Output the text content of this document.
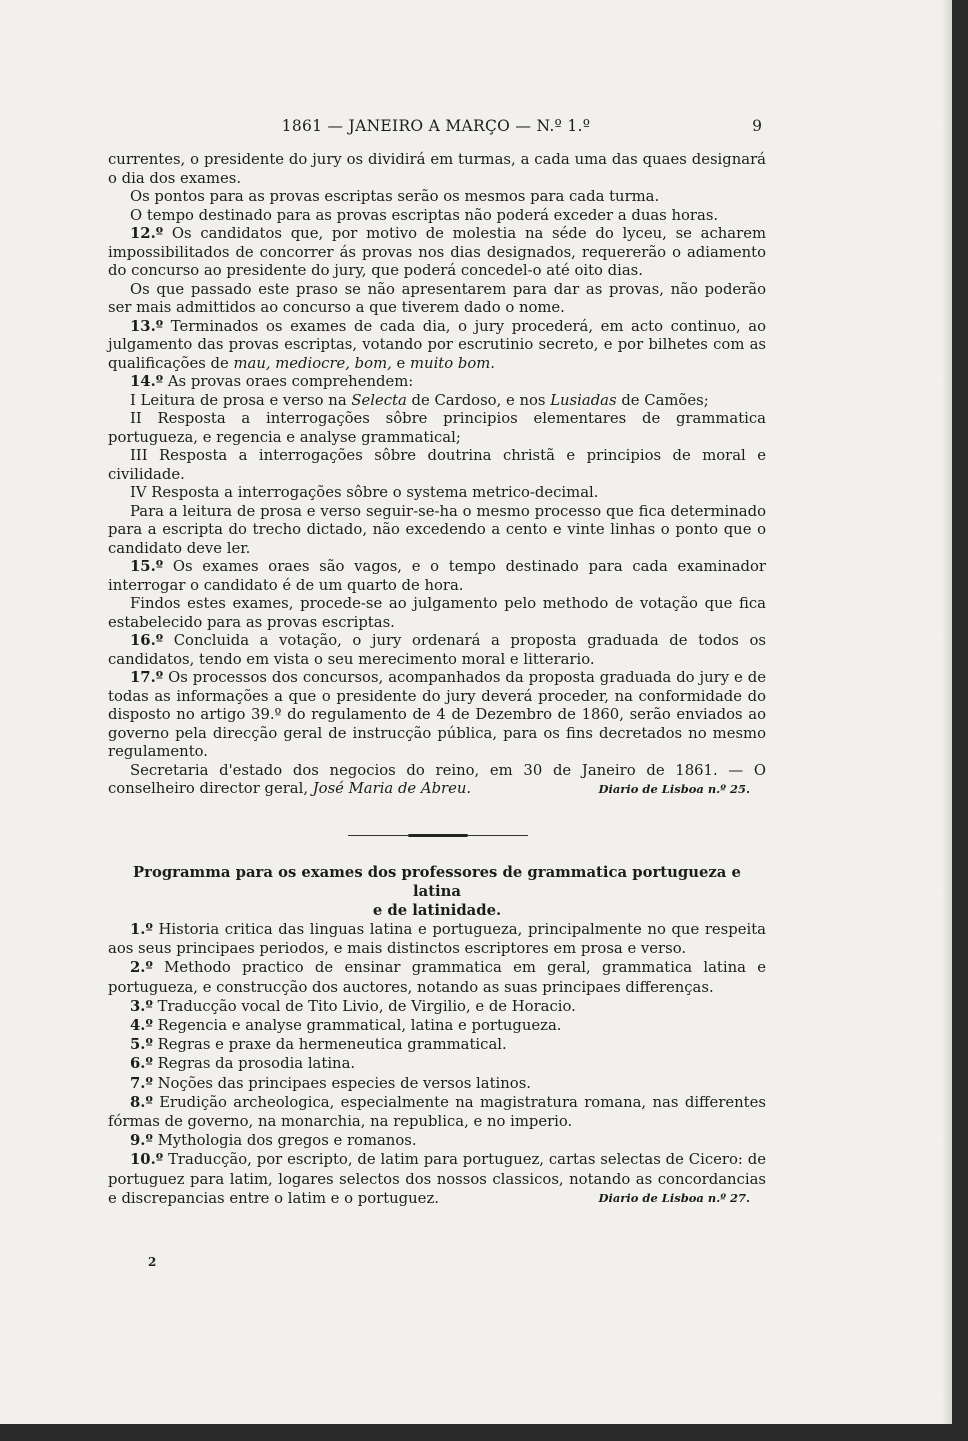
1861 — JANEIRO A MARÇO — N.º 1.º	9

currentes, o presidente do jury os dividirá em turmas, a cada uma das quaes designará o dia dos exames.

Os pontos para as provas escriptas serão os mesmos para cada turma.

O tempo destinado para as provas escriptas não poderá exceder a duas horas.

12.º Os candidatos que, por motivo de molestia na séde do lyceu, se acharem impossibilitados de concorrer ás provas nos dias designados, requererão o adiamento do concurso ao presidente do jury, que poderá concedel-o até oito dias.

Os que passado este praso se não apresentarem para dar as provas, não poderão ser mais admittidos ao concurso a que tiverem dado o nome.

13.º Terminados os exames de cada dia, o jury procederá, em acto continuo, ao julgamento das provas escriptas, votando por escrutinio secreto, e por bilhetes com as qualificações de mau, mediocre, bom, e muito bom.

14.º As provas oraes comprehendem:

I Leitura de prosa e verso na Selecta de Cardoso, e nos Lusiadas de Camões;

II Resposta a interrogações sôbre principios elementares de grammatica portugueza, e regencia e analyse grammatical;

III Resposta a interrogações sôbre doutrina christã e principios de moral e civilidade.

IV Resposta a interrogações sôbre o systema metrico-decimal.

Para a leitura de prosa e verso seguir-se-ha o mesmo processo que fica determinado para a escripta do trecho dictado, não excedendo a cento e vinte linhas o ponto que o candidato deve ler.

15.º Os exames oraes são vagos, e o tempo destinado para cada examinador interrogar o candidato é de um quarto de hora.

Findos estes exames, procede-se ao julgamento pelo methodo de votação que fica estabelecido para as provas escriptas.

16.º Concluida a votação, o jury ordenará a proposta graduada de todos os candidatos, tendo em vista o seu merecimento moral e litterario.

17.º Os processos dos concursos, acompanhados da proposta graduada do jury e de todas as informações a que o presidente do jury deverá proceder, na conformidade do disposto no artigo 39.º do regulamento de 4 de Dezembro de 1860, serão enviados ao governo pela direcção geral de instrucção pública, para os fins decretados no mesmo regulamento.

Secretaria d'estado dos negocios do reino, em 30 de Janeiro de 1861. — O conselheiro director geral, José Maria de Abreu.	Diario de Lisboa n.º 25.

Programma para os exames dos professores de grammatica portugueza e latina
e de latinidade.

1.º Historia critica das linguas latina e portugueza, principalmente no que respeita aos seus principaes periodos, e mais distinctos escriptores em prosa e verso.

2.º Methodo practico de ensinar grammatica em geral, grammatica latina e portugueza, e construcção dos auctores, notando as suas principaes differenças.

3.º Traducção vocal de Tito Livio, de Virgilio, e de Horacio.

4.º Regencia e analyse grammatical, latina e portugueza.

5.º Regras e praxe da hermeneutica grammatical.

6.º Regras da prosodia latina.

7.º Noções das principaes especies de versos latinos.

8.º Erudição archeologica, especialmente na magistratura romana, nas differentes fórmas de governo, na monarchia, na republica, e no imperio.

9.º Mythologia dos gregos e romanos.

10.º Traducção, por escripto, de latim para portuguez, cartas selectas de Cicero: de portuguez para latim, logares selectos dos nossos classicos, notando as concordancias e discrepancias entre o latim e o portuguez.	Diario de Lisboa n.º 27.

2
